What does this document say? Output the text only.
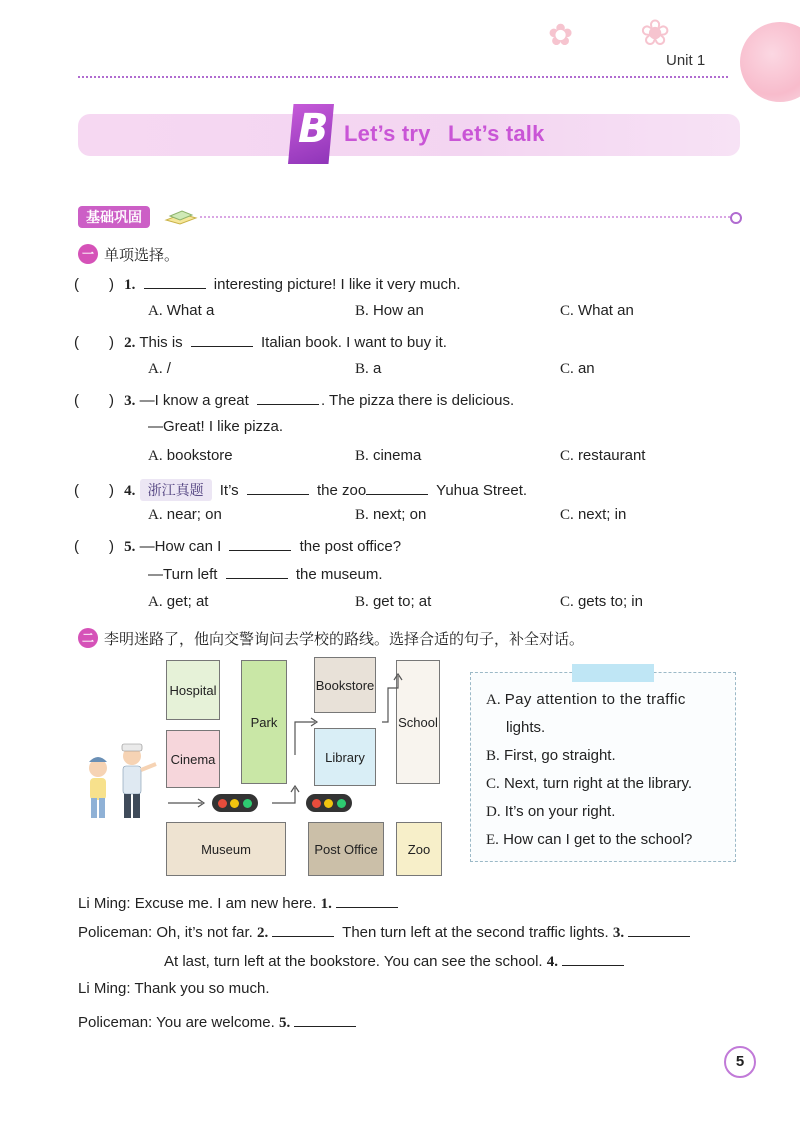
✿ ❀
Unit 1
B Let’s try Let’s talk
基础巩固
一 单项选择。
(　　) 1.	interesting picture! I like it very much.
A. What a	B. How an	C. What an
(　　) 2. This is	Italian book. I want to buy it.
A. /	B. a	C. an
(　　) 3. —I know a great	. The pizza there is delicious.
—Great! I like pizza.
A. bookstore	B. cinema	C. restaurant
(　　) 4. 浙江真题 It’s	the zoo	Yuhua Street.
A. near; on	B. next; on	C. next; in
(　　) 5. —How can I	the post office?
—Turn left	the museum.
A. get; at	B. get to; at	C. gets to; in
二 李明迷路了，他向交警询问去学校的路线。选择合适的句子，补全对话。
Hospital
Park
Bookstore
School
Cinema	Library
Museum	Post Office	Zoo
A. Pay attention to the traffic
lights.
B. First, go straight.
C. Next, turn right at the library.
D. It’s on your right.
E. How can I get to the school?
Li Ming: Excuse me. I am new here. 1.
Policeman: Oh, it’s not far. 2.	Then turn left at the second traffic lights. 3.
At last, turn left at the bookstore. You can see the school. 4.
Li Ming: Thank you so much.
Policeman: You are welcome. 5.
5
